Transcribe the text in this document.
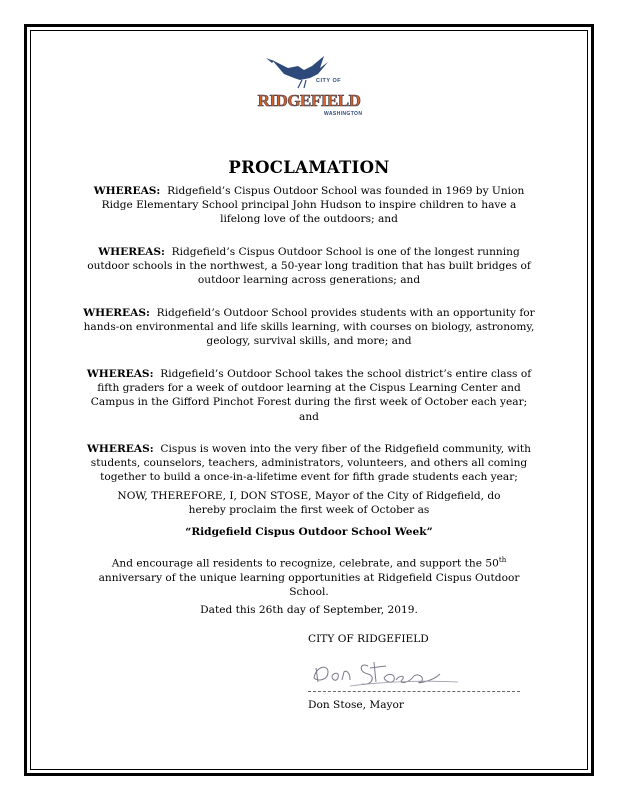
CITY OF
RIDGEFIELD
WASHINGTON
PROCLAMATION
WHEREAS: Ridgefield’s Cispus Outdoor School was founded in 1969 by Union Ridge Elementary School principal John Hudson to inspire children to have a lifelong love of the outdoors; and
WHEREAS: Ridgefield’s Cispus Outdoor School is one of the longest running outdoor schools in the northwest, a 50-year long tradition that has built bridges of outdoor learning across generations; and
WHEREAS: Ridgefield’s Outdoor School provides students with an opportunity for hands-on environmental and life skills learning, with courses on biology, astronomy, geology, survival skills, and more; and
WHEREAS: Ridgefield’s Outdoor School takes the school district’s entire class of fifth graders for a week of outdoor learning at the Cispus Learning Center and Campus in the Gifford Pinchot Forest during the first week of October each year; and
WHEREAS: Cispus is woven into the very fiber of the Ridgefield community, with students, counselors, teachers, administrators, volunteers, and others all coming together to build a once-in-a-lifetime event for fifth grade students each year;
NOW, THEREFORE, I, DON STOSE, Mayor of the City of Ridgefield, do hereby proclaim the first week of October as
“Ridgefield Cispus Outdoor School Week”
And encourage all residents to recognize, celebrate, and support the 50th anniversary of the unique learning opportunities at Ridgefield Cispus Outdoor School.
Dated this 26th day of September, 2019.
CITY OF RIDGEFIELD
Don Stose, Mayor
